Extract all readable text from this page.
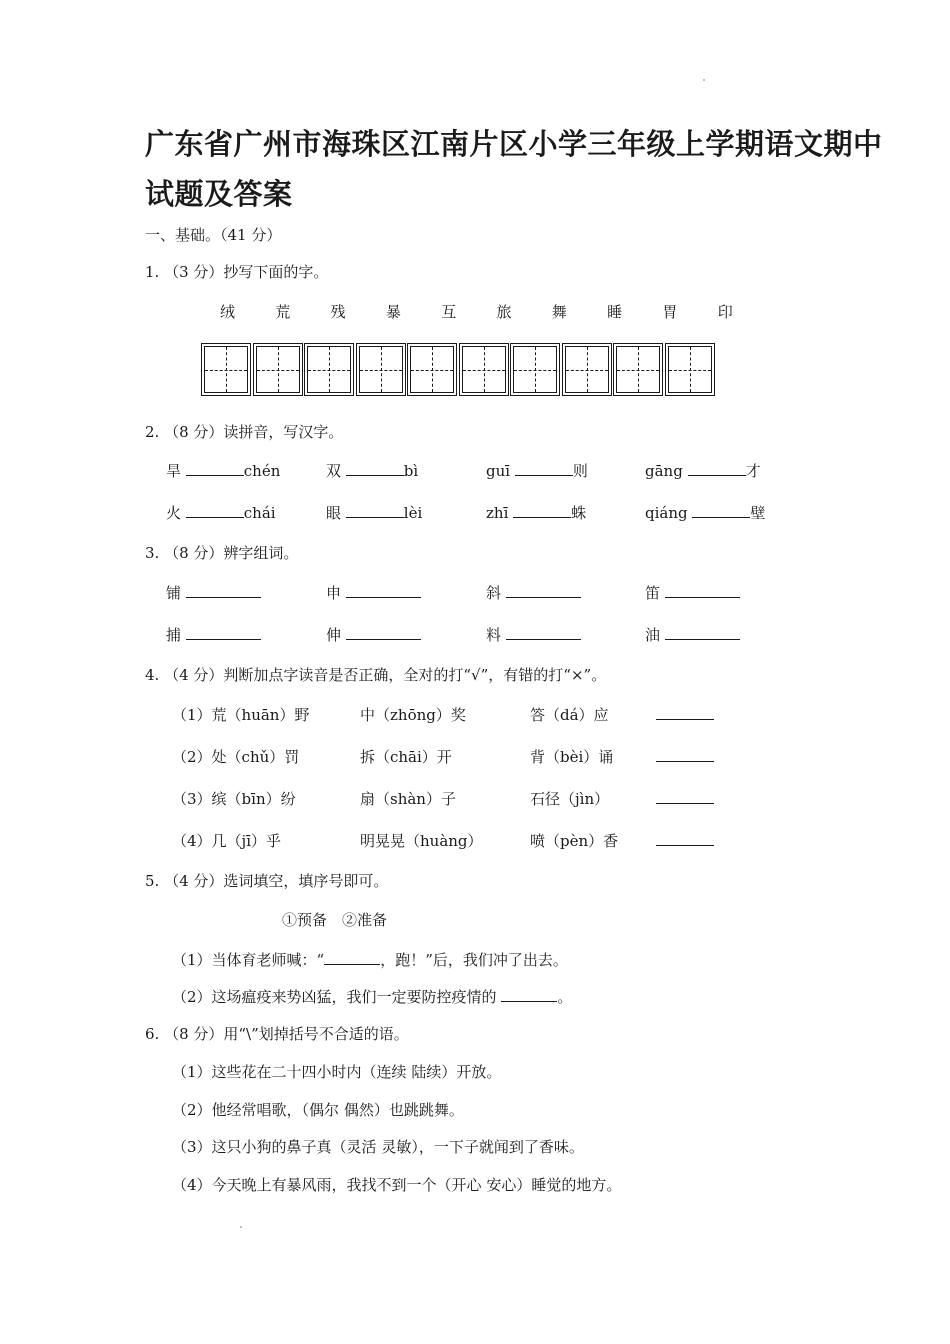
广东省广州市海珠区江南片区小学三年级上学期语文期中
试题及答案
一、基础。（41 分）
1. （3 分）抄写下面的字。
绒	荒	残	暴	互	旅	舞	睡	胃	印
2. （8 分）读拼音，写汉字。
旱	chén	双	bì	guī	则	gāng	才
火	chái	眼	lèi	zhī	蛛	qiáng	壁
3. （8 分）辨字组词。
铺	申	斜	笛
捕	伸	料	油
4. （4 分）判断加点字读音是否正确，全对的打“√”，有错的打“×”。
（1）荒（huān）野	中（zhōng）奖	答（dá）应
（2）处（chǔ）罚	拆（chāi）开	背（bèi）诵
（3）缤（bīn）纷	扇（shàn）子	石径（jìn）
（4）几（jī）乎	明晃晃（huàng）	喷（pèn）香
5. （4 分）选词填空，填序号即可。
①预备　②准备
（1）当体育老师喊：“	，跑！”后，我们冲了出去。
（2）这场瘟疫来势凶猛，我们一定要防控疫情的	。
6. （8 分）用“\”划掉括号不合适的语。
（1）这些花在二十四小时内（连续 陆续）开放。
（2）他经常唱歌，（偶尔 偶然）也跳跳舞。
（3）这只小狗的鼻子真（灵活 灵敏），一下子就闻到了香味。
（4）今天晚上有暴风雨，我找不到一个（开心 安心）睡觉的地方。
